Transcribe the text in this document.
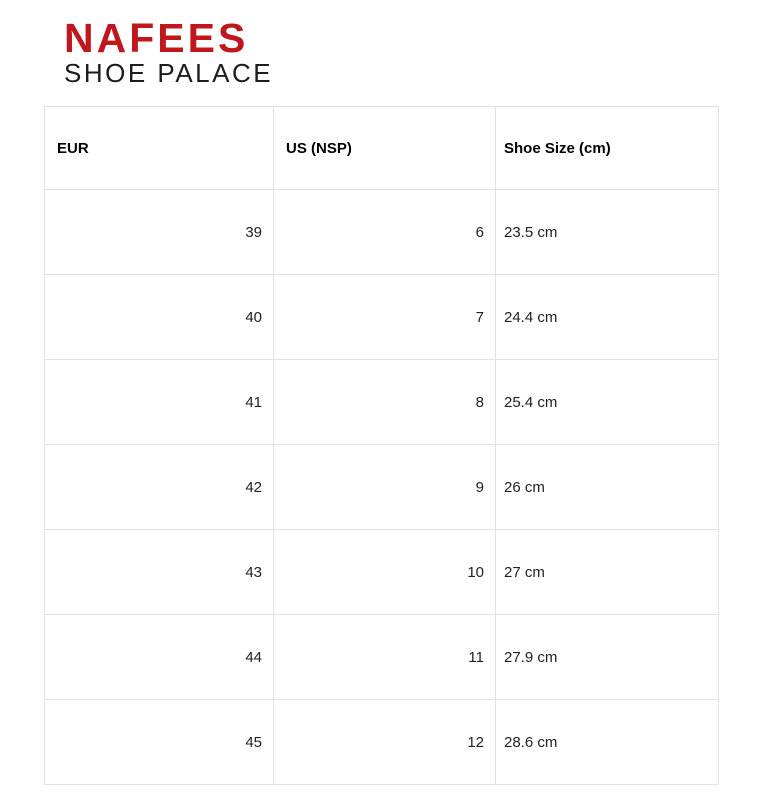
NAFEES
SHOE PALACE
EUR	US (NSP)	Shoe Size (cm)
39	6	23.5 cm
40	7	24.4 cm
41	8	25.4 cm
42	9	26 cm
43	10	27 cm
44	11	27.9 cm
45	12	28.6 cm
